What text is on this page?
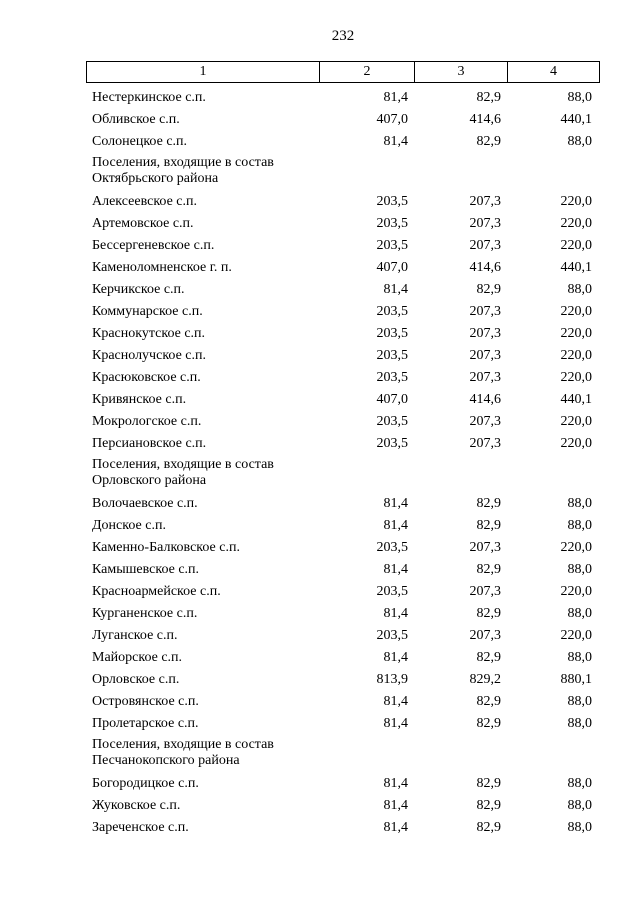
232
1	2	3	4
Нестеркинское с.п.	81,4	82,9	88,0
Обливское с.п.	407,0	414,6	440,1
Солонецкое с.п.	81,4	82,9	88,0
Поселения, входящие в состав
Октябрьского района
Алексеевское с.п.	203,5	207,3	220,0
Артемовское с.п.	203,5	207,3	220,0
Бессергеневское с.п.	203,5	207,3	220,0
Каменоломненское г. п.	407,0	414,6	440,1
Керчикское с.п.	81,4	82,9	88,0
Коммунарское с.п.	203,5	207,3	220,0
Краснокутское с.п.	203,5	207,3	220,0
Краснолучское с.п.	203,5	207,3	220,0
Красюковское с.п.	203,5	207,3	220,0
Кривянское с.п.	407,0	414,6	440,1
Мокрологское с.п.	203,5	207,3	220,0
Персиановское с.п.	203,5	207,3	220,0
Поселения, входящие в состав
Орловского района
Волочаевское с.п.	81,4	82,9	88,0
Донское с.п.	81,4	82,9	88,0
Каменно-Балковское с.п.	203,5	207,3	220,0
Камышевское с.п.	81,4	82,9	88,0
Красноармейское с.п.	203,5	207,3	220,0
Курганенское с.п.	81,4	82,9	88,0
Луганское с.п.	203,5	207,3	220,0
Майорское с.п.	81,4	82,9	88,0
Орловское с.п.	813,9	829,2	880,1
Островянское с.п.	81,4	82,9	88,0
Пролетарское с.п.	81,4	82,9	88,0
Поселения, входящие в состав
Песчанокопского района
Богородицкое с.п.	81,4	82,9	88,0
Жуковское с.п.	81,4	82,9	88,0
Зареченское с.п.	81,4	82,9	88,0
